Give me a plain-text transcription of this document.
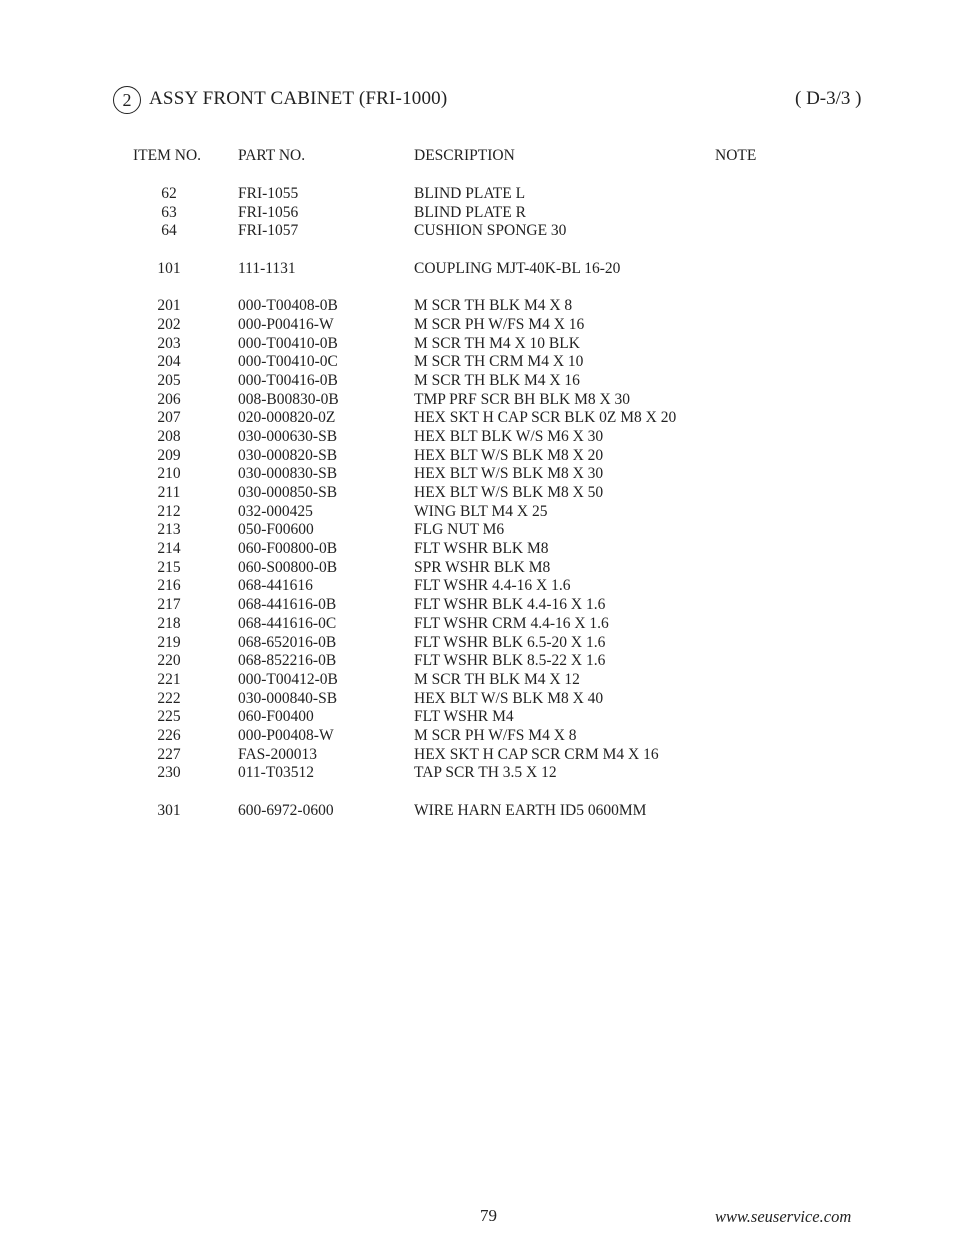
2 ASSY FRONT CABINET (FRI-1000)	( D-3/3 )
ITEM NO. PART NO.	DESCRIPTION	NOTE
62	FRI-1055	BLIND PLATE L
63	FRI-1056	BLIND PLATE R
64	FRI-1057	CUSHION SPONGE 30
101	111-1131	COUPLING MJT-40K-BL 16-20
201	000-T00408-0B	M SCR TH BLK M4 X 8
202	000-P00416-W	M SCR PH W/FS M4 X 16
203	000-T00410-0B	M SCR TH M4 X 10 BLK
204	000-T00410-0C	M SCR TH CRM M4 X 10
205	000-T00416-0B	M SCR TH BLK M4 X 16
206	008-B00830-0B	TMP PRF SCR BH BLK M8 X 30
207	020-000820-0Z	HEX SKT H CAP SCR BLK 0Z M8 X 20
208	030-000630-SB	HEX BLT BLK W/S M6 X 30
209	030-000820-SB	HEX BLT W/S BLK M8 X 20
210	030-000830-SB	HEX BLT W/S BLK M8 X 30
211	030-000850-SB	HEX BLT W/S BLK M8 X 50
212	032-000425	WING BLT M4 X 25
213	050-F00600	FLG NUT M6
214	060-F00800-0B	FLT WSHR BLK M8
215	060-S00800-0B	SPR WSHR BLK M8
216	068-441616	FLT WSHR 4.4-16 X 1.6
217	068-441616-0B	FLT WSHR BLK 4.4-16 X 1.6
218	068-441616-0C	FLT WSHR CRM 4.4-16 X 1.6
219	068-652016-0B	FLT WSHR BLK 6.5-20 X 1.6
220	068-852216-0B	FLT WSHR BLK 8.5-22 X 1.6
221	000-T00412-0B	M SCR TH BLK M4 X 12
222	030-000840-SB	HEX BLT W/S BLK M8 X 40
225	060-F00400	FLT WSHR M4
226	000-P00408-W	M SCR PH W/FS M4 X 8
227	FAS-200013	HEX SKT H CAP SCR CRM M4 X 16
230	011-T03512	TAP SCR TH 3.5 X 12
301	600-6972-0600	WIRE HARN EARTH ID5 0600MM
79	www.seuservice.com
